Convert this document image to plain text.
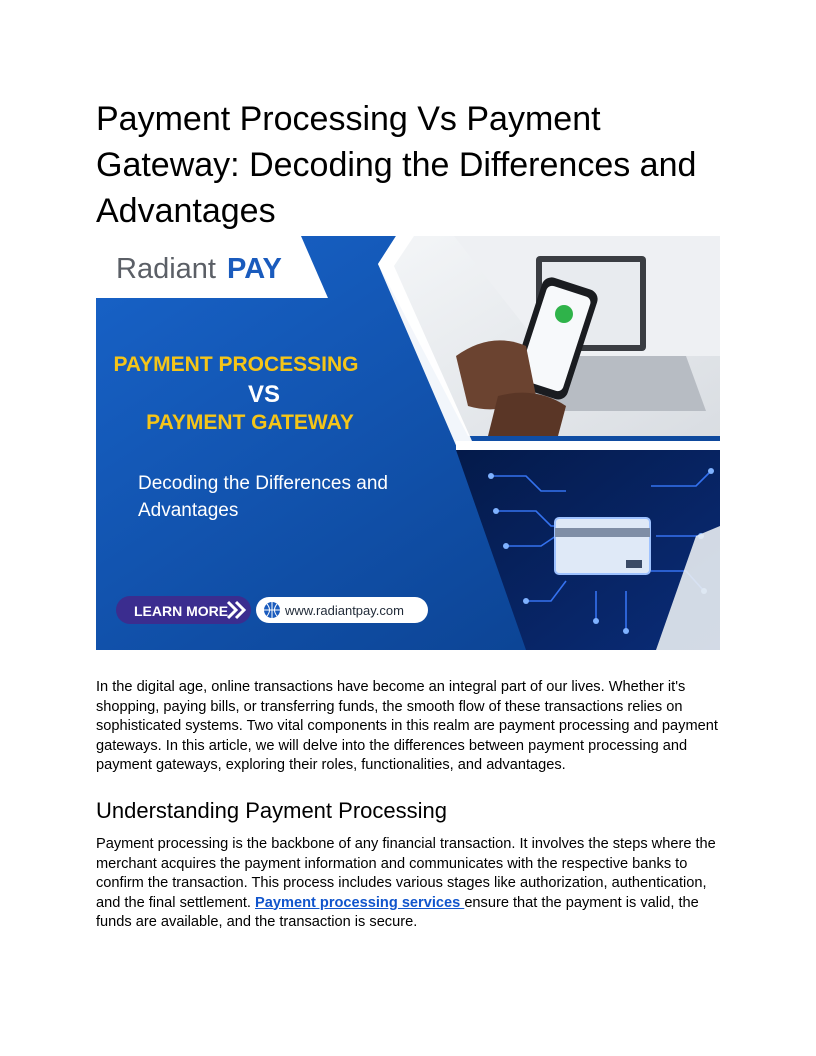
Payment Processing Vs Payment Gateway: Decoding the Differences and Advantages
Radiant PAY
PAYMENT PROCESSING
VS
PAYMENT GATEWAY
Decoding the Differences and
Advantages
LEARN MORE	www.radiantpay.com

In the digital age, online transactions have become an integral part of our lives. Whether it's shopping, paying bills, or transferring funds, the smooth flow of these transactions relies on sophisticated systems. Two vital components in this realm are payment processing and payment gateways. In this article, we will delve into the differences between payment processing and payment gateways, exploring their roles, functionalities, and advantages.

Understanding Payment Processing

Payment processing is the backbone of any financial transaction. It involves the steps where the merchant acquires the payment information and communicates with the respective banks to confirm the transaction. This process includes various stages like authorization, authentication, and the final settlement. Payment processing services ensure that the payment is valid, the funds are available, and the transaction is secure.
